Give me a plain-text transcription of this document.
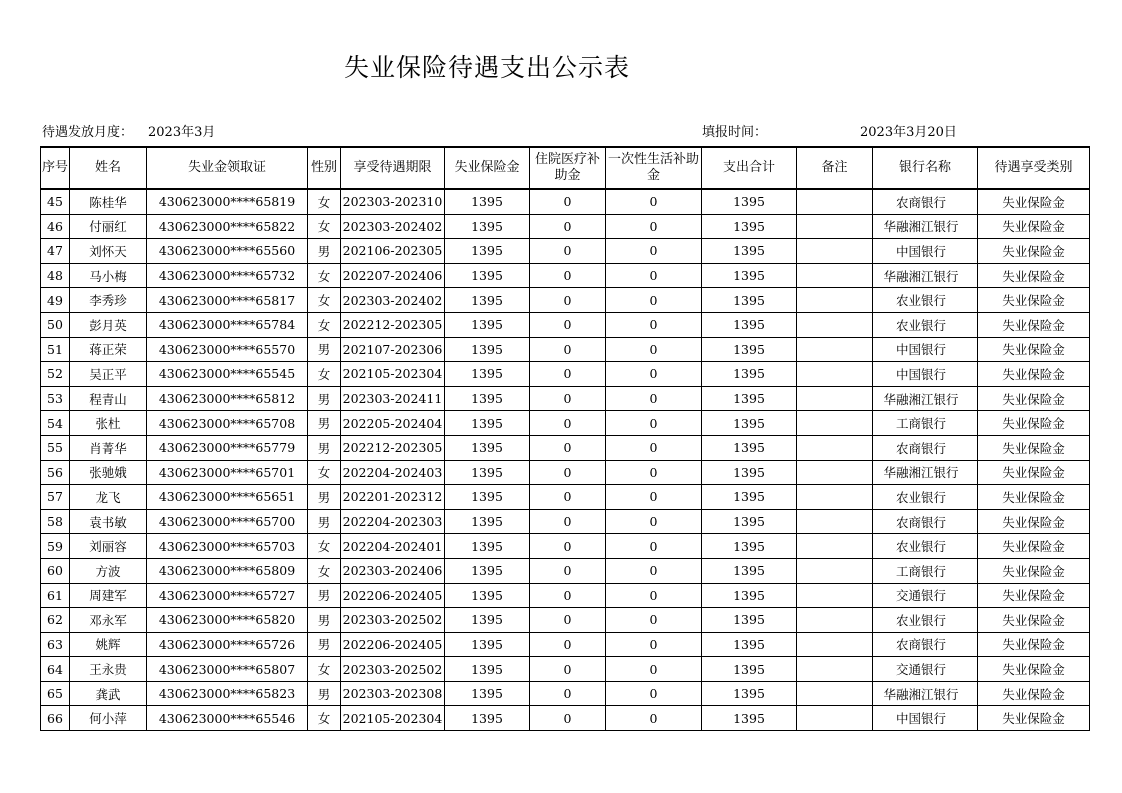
失业保险待遇支出公示表
待遇发放月度： 2023年3月	填报时间：	2023年3月20日
序号	姓名	失业金领取证	性别	享受待遇期限	失业保险金	住院医疗补助金	一次性生活补助金	支出合计	备注	银行名称	待遇享受类别
45	陈桂华	430623000****65819	女	202303-202310	1395	0	0	1395		农商银行	失业保险金
46	付丽红	430623000****65822	女	202303-202402	1395	0	0	1395		华融湘江银行	失业保险金
47	刘怀天	430623000****65560	男	202106-202305	1395	0	0	1395		中国银行	失业保险金
48	马小梅	430623000****65732	女	202207-202406	1395	0	0	1395		华融湘江银行	失业保险金
49	李秀珍	430623000****65817	女	202303-202402	1395	0	0	1395		农业银行	失业保险金
50	彭月英	430623000****65784	女	202212-202305	1395	0	0	1395		农业银行	失业保险金
51	蒋正荣	430623000****65570	男	202107-202306	1395	0	0	1395		中国银行	失业保险金
52	吴正平	430623000****65545	女	202105-202304	1395	0	0	1395		中国银行	失业保险金
53	程青山	430623000****65812	男	202303-202411	1395	0	0	1395		华融湘江银行	失业保险金
54	张杜	430623000****65708	男	202205-202404	1395	0	0	1395		工商银行	失业保险金
55	肖菁华	430623000****65779	男	202212-202305	1395	0	0	1395		农商银行	失业保险金
56	张驰娥	430623000****65701	女	202204-202403	1395	0	0	1395		华融湘江银行	失业保险金
57	龙飞	430623000****65651	男	202201-202312	1395	0	0	1395		农业银行	失业保险金
58	袁书敏	430623000****65700	男	202204-202303	1395	0	0	1395		农商银行	失业保险金
59	刘丽容	430623000****65703	女	202204-202401	1395	0	0	1395		农业银行	失业保险金
60	方波	430623000****65809	女	202303-202406	1395	0	0	1395		工商银行	失业保险金
61	周建军	430623000****65727	男	202206-202405	1395	0	0	1395		交通银行	失业保险金
62	邓永军	430623000****65820	男	202303-202502	1395	0	0	1395		农业银行	失业保险金
63	姚辉	430623000****65726	男	202206-202405	1395	0	0	1395		农商银行	失业保险金
64	王永贵	430623000****65807	女	202303-202502	1395	0	0	1395		交通银行	失业保险金
65	龚武	430623000****65823	男	202303-202308	1395	0	0	1395		华融湘江银行	失业保险金
66	何小萍	430623000****65546	女	202105-202304	1395	0	0	1395		中国银行	失业保险金
